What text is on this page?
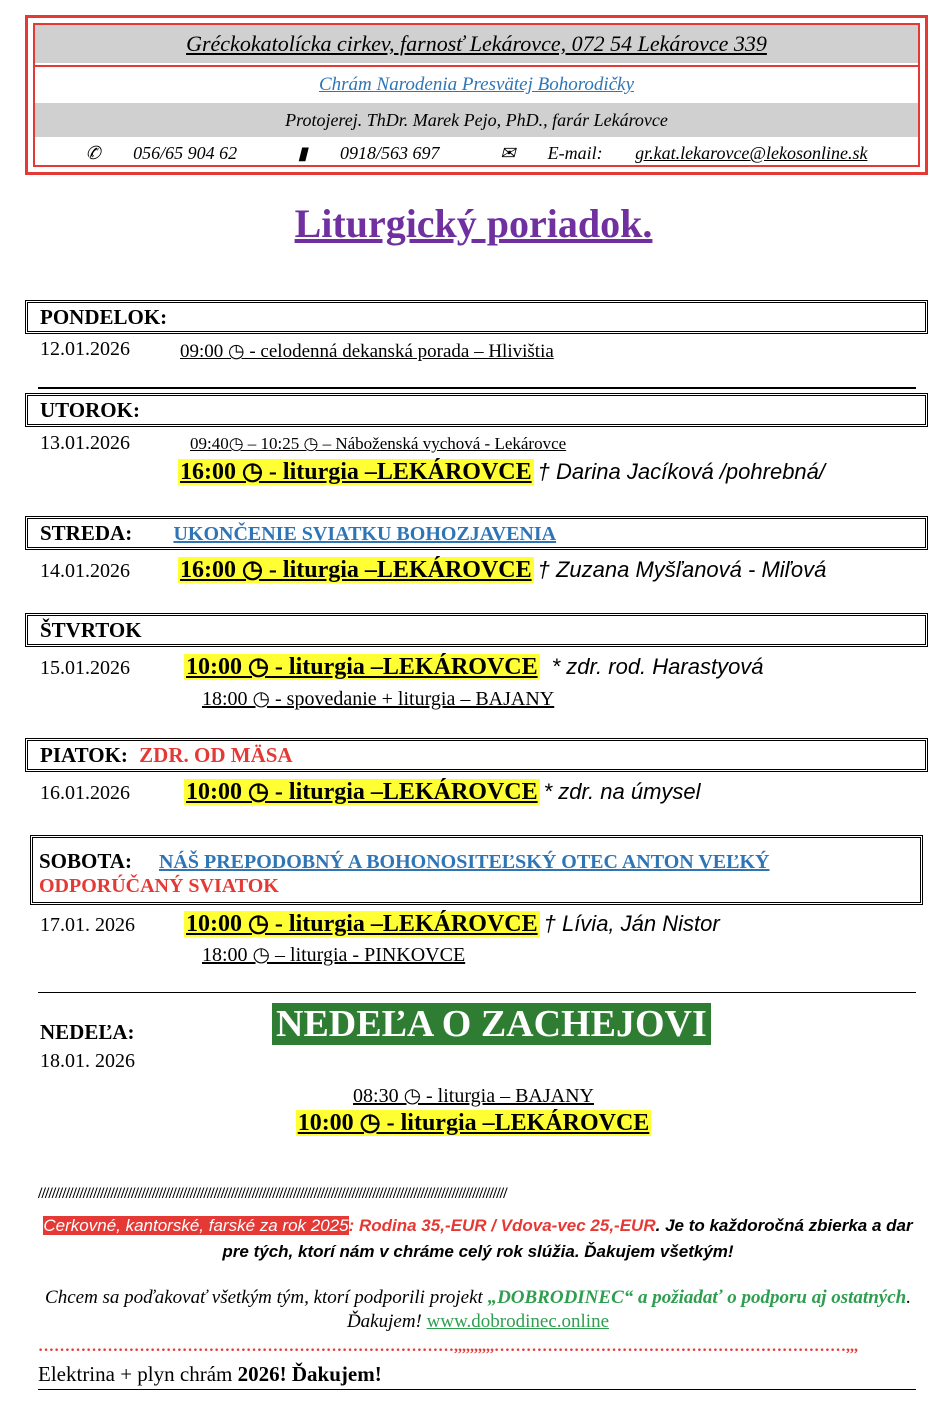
Gréckokatolícka cirkev, farnosť Lekárovce, 072 54 Lekárovce 339
Chrám Narodenia Presvätej Bohorodičky
Protojerej. ThDr. Marek Pejo, PhD., farár Lekárovce
✆ 056/65 904 62	▮ 0918/563 697	✉ E-mail: gr.kat.lekarovce@lekosonline.sk
Liturgický poriadok.
PONDELOK:
12.01.2026	09:00 ◷ - celodenná dekanská porada – Hlivištia
UTOROK:
13.01.2026	09:40◷ – 10:25 ◷ – Náboženská vychová - Lekárovce
16:00 ◷ - liturgia –LEKÁROVCE † Darina Jacíková /pohrebná/
STREDA: UKONČENIE SVIATKU BOHOZJAVENIA
14.01.2026 16:00 ◷ - liturgia –LEKÁROVCE † Zuzana Myšľanová - Miľová
ŠTVRTOK
15.01.2026 10:00 ◷ - liturgia –LEKÁROVCE * zdr. rod. Harastyová
18:00 ◷ - spovedanie + liturgia – BAJANY
PIATOK: ZDR. OD MÄSA
16.01.2026 10:00 ◷ - liturgia –LEKÁROVCE * zdr. na úmysel
SOBOTA: NÁŠ PREPODOBNÝ A BOHONOSITEĽSKÝ OTEC ANTON VEĽKÝ
ODPORÚČANÝ SVIATOK
17.01. 2026 10:00 ◷ - liturgia –LEKÁROVCE † Lívia, Ján Nistor
18:00 ◷ – liturgia - PINKOVCE
NEDEĽA:
18.01. 2026
NEDEĽA O ZACHEJOVI
08:30 ◷ - liturgia – BAJANY
10:00 ◷ - liturgia –LEKÁROVCE
////////////////////////////////////////////////////////////////////////////////////////////////////////////////////////////////////////
Cerkovné, kantorské, farské za rok 2025: Rodina 35,-EUR / Vdova-vec 25,-EUR. Je to každoročná zbierka a dar pre tých, ktorí nám v chráme celý rok slúžia. Ďakujem všetkým!
Chcem sa poďakovať všetkým tým, ktorí podporili projekt „DOBRODINEC“ a požiadať o podporu aj ostatných. Ďakujem! www.dobrodinec.online
……………………………………………………………………,,,,,,,,,,…………………………………………………………,,,
Elektrina + plyn chrám 2026! Ďakujem!
